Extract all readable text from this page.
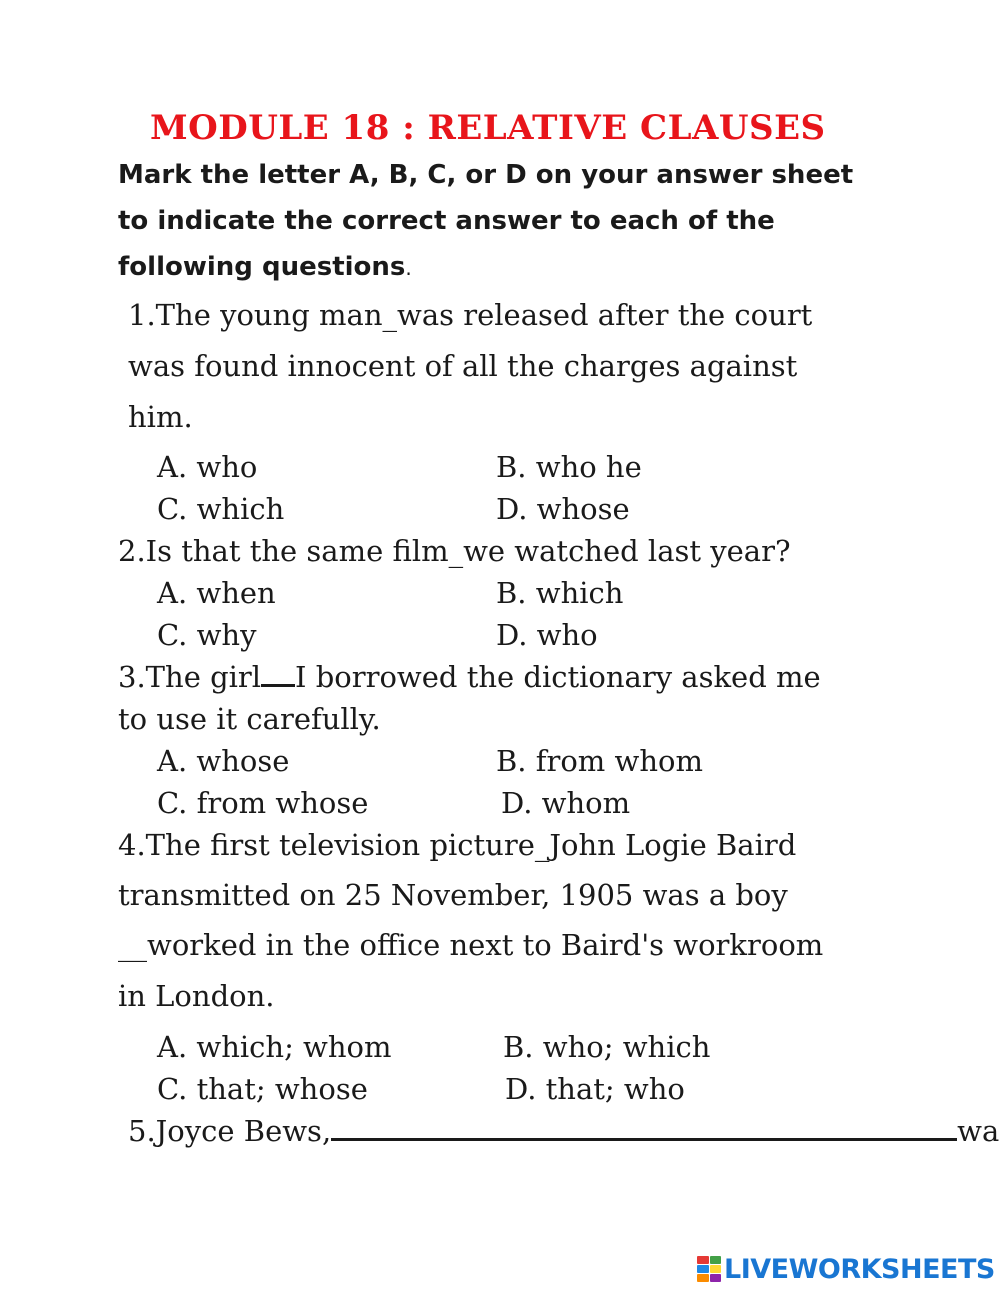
MODULE 18 : RELATIVE CLAUSES
Mark the letter A, B, C, or D on your answer sheet
to indicate the correct answer to each of the
following questions.
1.The young man_was released after the court
was found innocent of all the charges against
him.
A. who	B. who he
C. which	D. whose
2.Is that the same film_we watched last year?
A. when	B. which
C. why	D. who
3.The girl I borrowed the dictionary asked me
to use it carefully.
A. whose	B. from whom
C. from whose	D. whom
4.The first television picture_John Logie Baird
transmitted on 25 November, 1905 was a boy
__worked in the office next to Baird's workroom
in London.
A. which; whom	B. who; which
C. that; whose	D. that; who
5.Joyce Bews,	wa
LIVEWORKSHEETS
